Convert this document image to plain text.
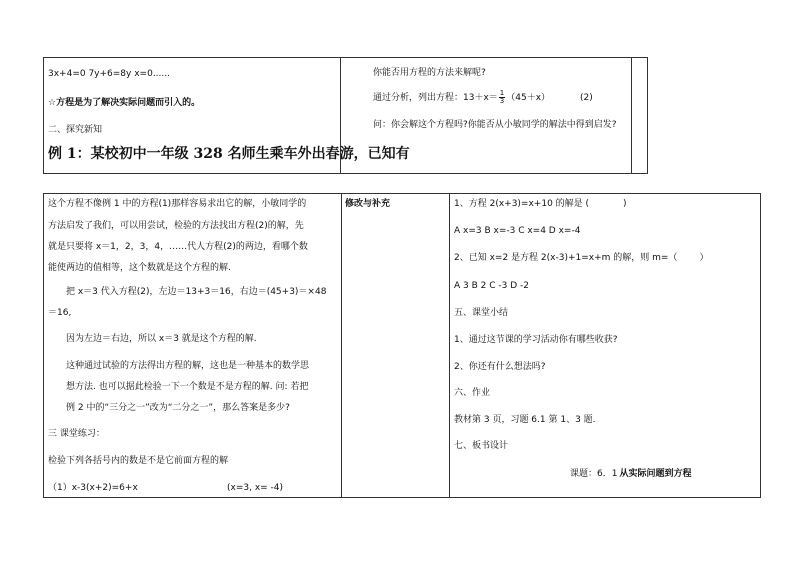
3x+4=0 7y+6=8y x=0......
☆方程是为了解决实际问题而引入的。
二、探究新知
例 1：某校初中一年级 328 名师生乘车外出春游，已知有
你能否用方程的方法来解呢?
通过分析，列出方程：$13+x= \frac{1}{3} (45+x)$	(2)
问：你会解这个方程吗?你能否从小敏同学的解法中得到启发?
这个方程不像例 1 中的方程(1)那样容易求出它的解，小敏同学的
方法启发了我们，可以用尝试，检验的方法找出方程(2)的解，先
就是只要将 x＝1，2，3，4，……代人方程(2)的两边，看哪个数
能使两边的值相等，这个数就是这个方程的解.
把 x＝3 代入方程(2)，左边＝13+3＝16，右边＝(45+3)＝×48
＝16,
因为左边＝右边，所以 x＝3 就是这个方程的解.
这种通过试验的方法得出方程的解，这也是一种基本的数学思
想方法. 也可以据此检验一下一个数是不是方程的解. 问: 若把
例 2 中的“三分之一”改为“二分之一”，那么答案是多少?
三 课堂练习：
检验下列各括号内的数是不是它前面方程的解
（1）x-3(x+2)=6+x	(x=3, x= -4)
修改与补充	1、方程 2(x+3)=x+10 的解是 (	)
A x=3 B x=-3 C x=4 D x=-4
2、已知 x=2 是方程 2(x-3)+1=x+m 的解，则 m=（ ）
A 3 B 2 C -3 D -2
五、课堂小结
1、通过这节课的学习活动你有哪些收获?
2、你还有什么想法吗?
六、作业
教材第 3 页，习题 6.1 第 1、3 题.
七、板书设计
课题：6．1 从实际问题到方程
